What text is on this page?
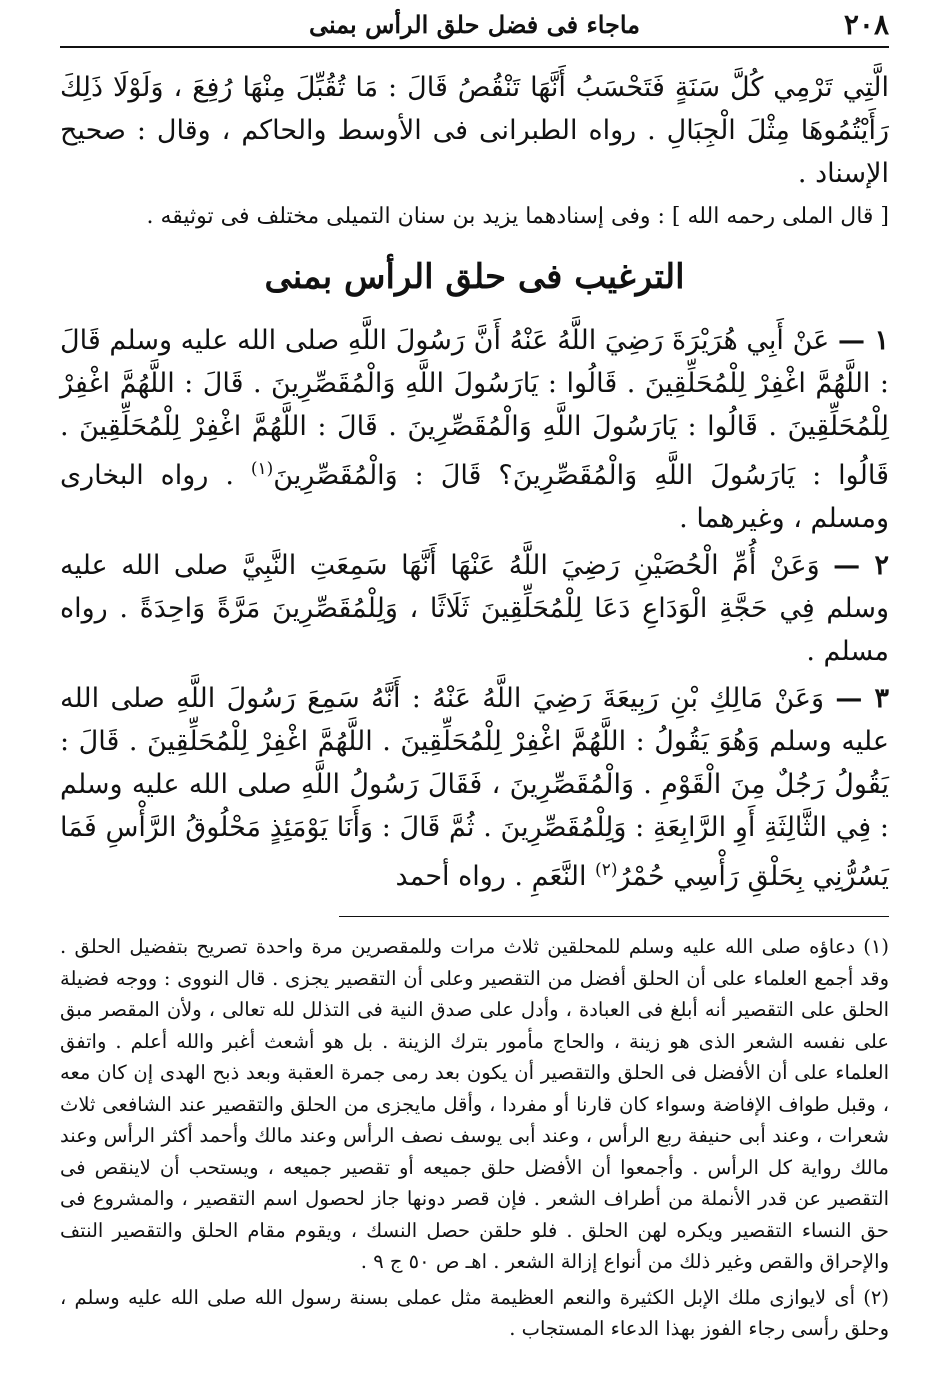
٢٠٨
ماجاء فى فضل حلق الرأس بمنى

الَّتِي تَرْمِي كُلَّ سَنَةٍ فَتَحْسَبُ أَنَّهَا تَنْقُصُ قَالَ : مَا تُقُبِّلَ مِنْهَا رُفِعَ ، وَلَوْلَا ذَلِكَ رَأَيْتُمُوهَا مِثْلَ الْجِبَالِ . رواه الطبرانى فى الأوسط والحاكم ، وقال : صحيح الإسناد .

[ قال الملى رحمه الله ] : وفى إسنادهما يزيد بن سنان التميلى مختلف فى توثيقه .

الترغيب فى حلق الرأس بمنى

١ — عَنْ أَبِي هُرَيْرَةَ رَضِيَ اللَّهُ عَنْهُ أَنَّ رَسُولَ اللَّهِ صلى الله عليه وسلم قَالَ : اللَّهُمَّ اغْفِرْ لِلْمُحَلِّقِينَ . قَالُوا : يَارَسُولَ اللَّهِ وَالْمُقَصِّرِينَ . قَالَ : اللَّهُمَّ اغْفِرْ لِلْمُحَلِّقِينَ . قَالُوا : يَارَسُولَ اللَّهِ وَالْمُقَصِّرِينَ . قَالَ : اللَّهُمَّ اغْفِرْ لِلْمُحَلِّقِينَ . قَالُوا : يَارَسُولَ اللَّهِ وَالْمُقَصِّرِينَ؟ قَالَ : وَالْمُقَصِّرِينَ$^{(١)}$ . رواه البخارى ومسلم ، وغيرهما .

٢ — وَعَنْ أُمِّ الْحُصَيْنِ رَضِيَ اللَّهُ عَنْهَا أَنَّهَا سَمِعَتِ النَّبِيَّ صلى الله عليه وسلم فِي حَجَّةِ الْوَدَاعِ دَعَا لِلْمُحَلِّقِينَ ثَلَاثًا ، وَلِلْمُقَصِّرِينَ مَرَّةً وَاحِدَةً . رواه مسلم .

٣ — وَعَنْ مَالِكِ بْنِ رَبِيعَةَ رَضِيَ اللَّهُ عَنْهُ : أَنَّهُ سَمِعَ رَسُولَ اللَّهِ صلى الله عليه وسلم وَهُوَ يَقُولُ : اللَّهُمَّ اغْفِرْ لِلْمُحَلِّقِينَ . اللَّهُمَّ اغْفِرْ لِلْمُحَلِّقِينَ . قَالَ : يَقُولُ رَجُلٌ مِنَ الْقَوْمِ . وَالْمُقَصِّرِينَ ، فَقَالَ رَسُولُ اللَّهِ صلى الله عليه وسلم : فِي الثَّالِثَةِ أَوِ الرَّابِعَةِ : وَلِلْمُقَصِّرِينَ . ثُمَّ قَالَ : وَأَنَا يَوْمَئِذٍ مَحْلُوقُ الرَّأْسِ فَمَا يَسُرُّنِي بِحَلْقِ رَأْسِي حُمْرُ$^{(٢)}$ النَّعَمِ . رواه أحمد

(١) دعاؤه صلى الله عليه وسلم للمحلقين ثلاث مرات وللمقصرين مرة واحدة تصريح بتفضيل الحلق . وقد أجمع العلماء على أن الحلق أفضل من التقصير وعلى أن التقصير يجزى . قال النووى : ووجه فضيلة الحلق على التقصير أنه أبلغ فى العبادة ، وأدل على صدق النية فى التذلل لله تعالى ، ولأن المقصر مبق على نفسه الشعر الذى هو زينة ، والحاج مأمور بترك الزينة . بل هو أشعث أغبر والله أعلم . واتفق العلماء على أن الأفضل فى الحلق والتقصير أن يكون بعد رمى جمرة العقبة وبعد ذبح الهدى إن كان معه ، وقبل طواف الإفاضة وسواء كان قارنا أو مفردا ، وأقل مايجزى من الحلق والتقصير عند الشافعى ثلاث شعرات ، وعند أبى حنيفة ربع الرأس ، وعند أبى يوسف نصف الرأس وعند مالك وأحمد أكثر الرأس وعند مالك رواية كل الرأس . وأجمعوا أن الأفضل حلق جميعه أو تقصير جميعه ، ويستحب أن لاينقص فى التقصير عن قدر الأنملة من أطراف الشعر . فإن قصر دونها جاز لحصول اسم التقصير ، والمشروع فى حق النساء التقصير ويكره لهن الحلق . فلو حلقن حصل النسك ، ويقوم مقام الحلق والتقصير النتف والإحراق والقص وغير ذلك من أنواع إزالة الشعر . اهـ ص ٥٠ ج ٩ .

(٢) أى لايوازى ملك الإبل الكثيرة والنعم العظيمة مثل عملى بسنة رسول الله صلى الله عليه وسلم ، وحلق رأسى رجاء الفوز بهذا الدعاء المستجاب .
